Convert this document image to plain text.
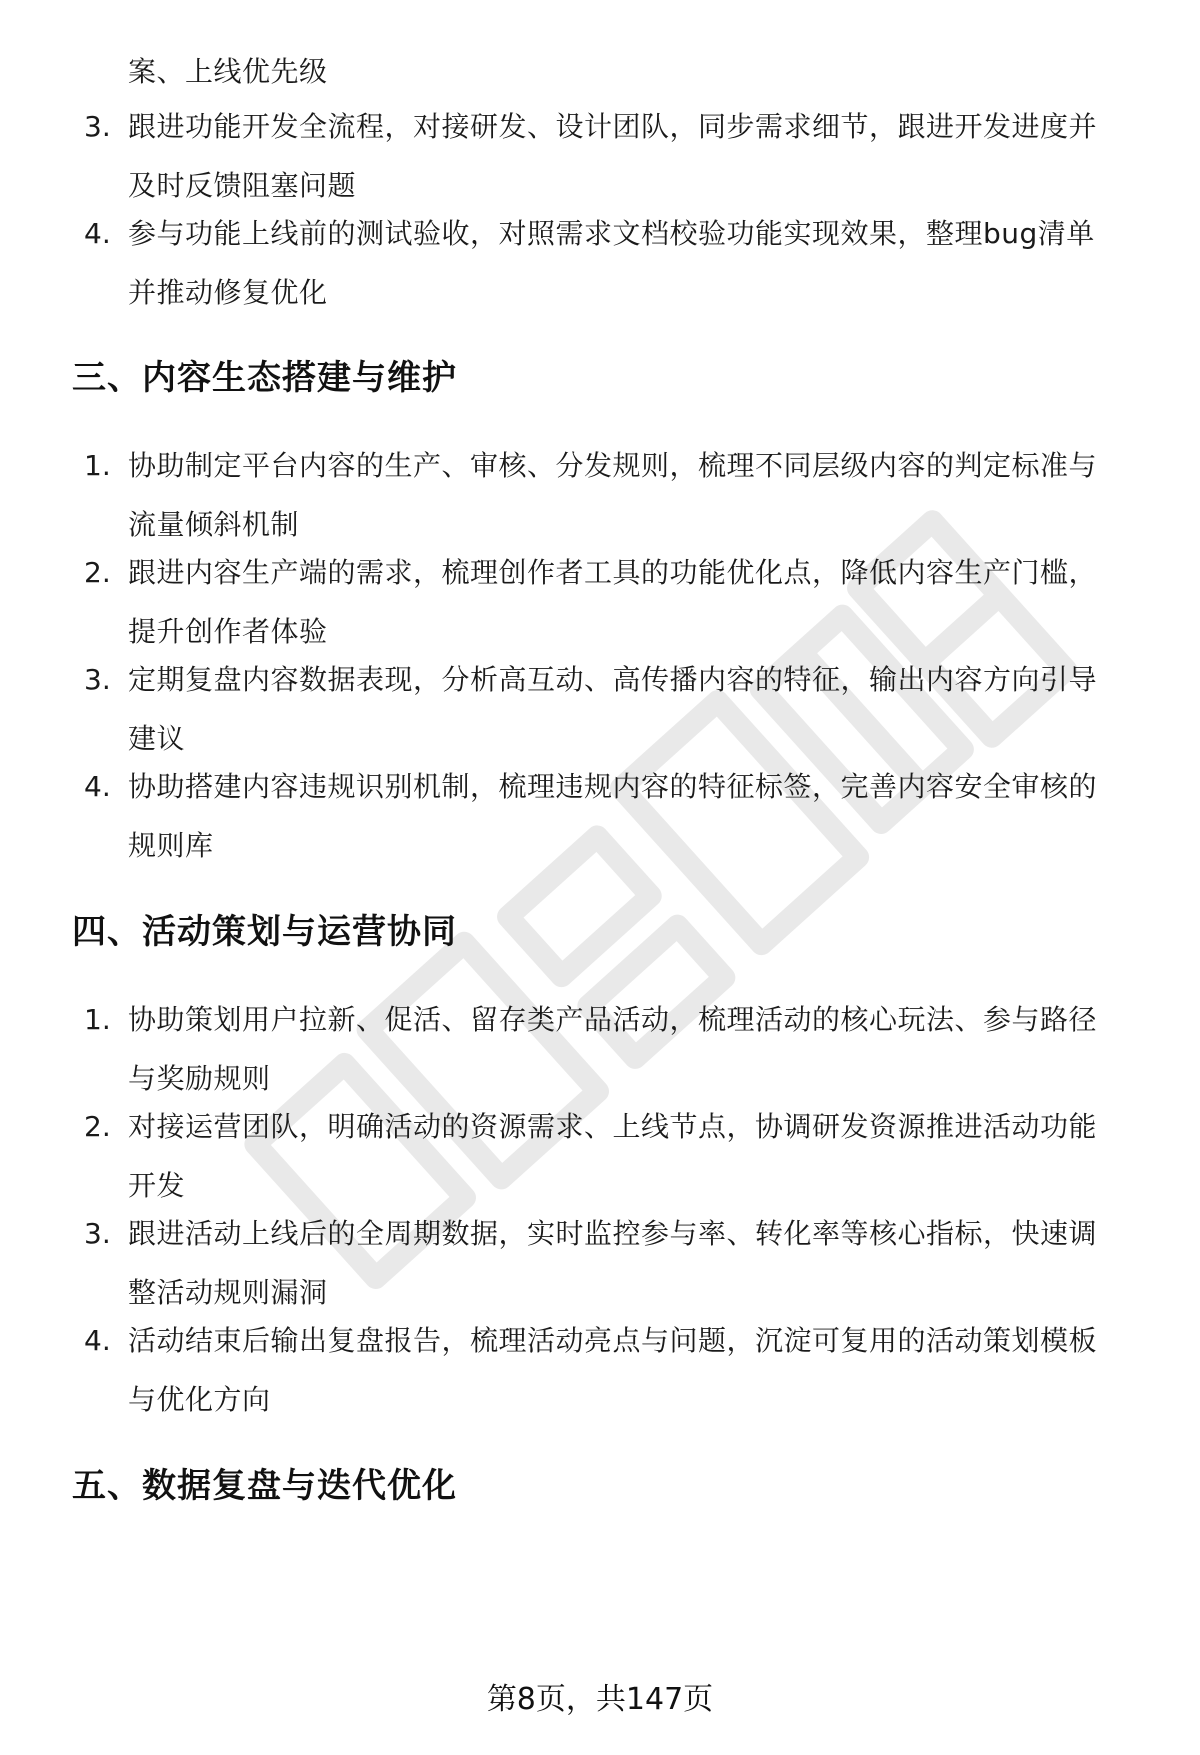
案、上线优先级
3. 跟进功能开发全流程，对接研发、设计团队，同步需求细节，跟进开发进度并
及时反馈阻塞问题
4. 参与功能上线前的测试验收，对照需求文档校验功能实现效果，整理bug清单
并推动修复优化
三、内容生态搭建与维护
1. 协助制定平台内容的生产、审核、分发规则，梳理不同层级内容的判定标准与
流量倾斜机制
2. 跟进内容生产端的需求，梳理创作者工具的功能优化点，降低内容生产门槛，
提升创作者体验
3. 定期复盘内容数据表现，分析高互动、高传播内容的特征，输出内容方向引导
建议
4. 协助搭建内容违规识别机制，梳理违规内容的特征标签，完善内容安全审核的
规则库
四、活动策划与运营协同
1. 协助策划用户拉新、促活、留存类产品活动，梳理活动的核心玩法、参与路径
与奖励规则
2. 对接运营团队，明确活动的资源需求、上线节点，协调研发资源推进活动功能
开发
3. 跟进活动上线后的全周期数据，实时监控参与率、转化率等核心指标，快速调
整活动规则漏洞
4. 活动结束后输出复盘报告，梳理活动亮点与问题，沉淀可复用的活动策划模板
与优化方向
五、数据复盘与迭代优化
第8页，共147页
